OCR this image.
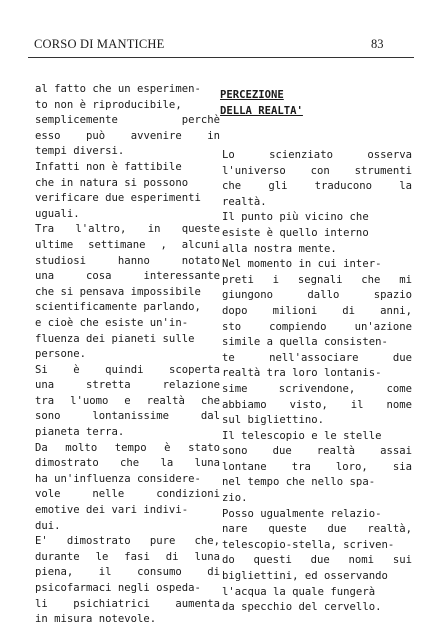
CORSO DI MANTICHE	83
PERCEZIONE
DELLA REALTA'
al fatto che un esperimen-
to non è riproducibile,
semplicemente perchè
esso può avvenire in
tempi diversi.
Infatti non è fattibile
che in natura si possono
verificare due esperimenti
uguali.
Tra l'altro, in queste
ultime settimane , alcuni
studiosi hanno notato
una cosa interessante
che si pensava impossibile
scientificamente parlando,
e cioè che esiste un'in-
fluenza dei pianeti sulle
persone.
Si è quindi scoperta
una stretta relazione
tra l'uomo e realtà che
sono lontanissime dal
pianeta terra.
Da molto tempo è stato
dimostrato che la luna
ha un'influenza considere-
vole nelle condizioni
emotive dei vari indivi-
dui.
E' dimostrato pure che,
durante le fasi di luna
piena, il consumo di
psicofarmaci negli ospeda-
li psichiatrici aumenta
in misura notevole.
Lo scienziato osserva
l'universo con strumenti
che gli traducono la
realtà.
Il punto più vicino che
esiste è quello interno
alla nostra mente.
Nel momento in cui inter-
preti i segnali che mi
giungono dallo spazio
dopo milioni di anni,
sto compiendo un'azione
simile a quella consisten-
te nell'associare due
realtà tra loro lontanis-
sime scrivendone, come
abbiamo visto, il nome
sul bigliettino.
Il telescopio e le stelle
sono due realtà assai
lontane tra loro, sia
nel tempo che nello spa-
zio.
Posso ugualmente relazio-
nare queste due realtà,
telescopio-stella, scriven-
do questi due nomi sui
bigliettini, ed osservando
l'acqua la quale fungerà
da specchio del cervello.
